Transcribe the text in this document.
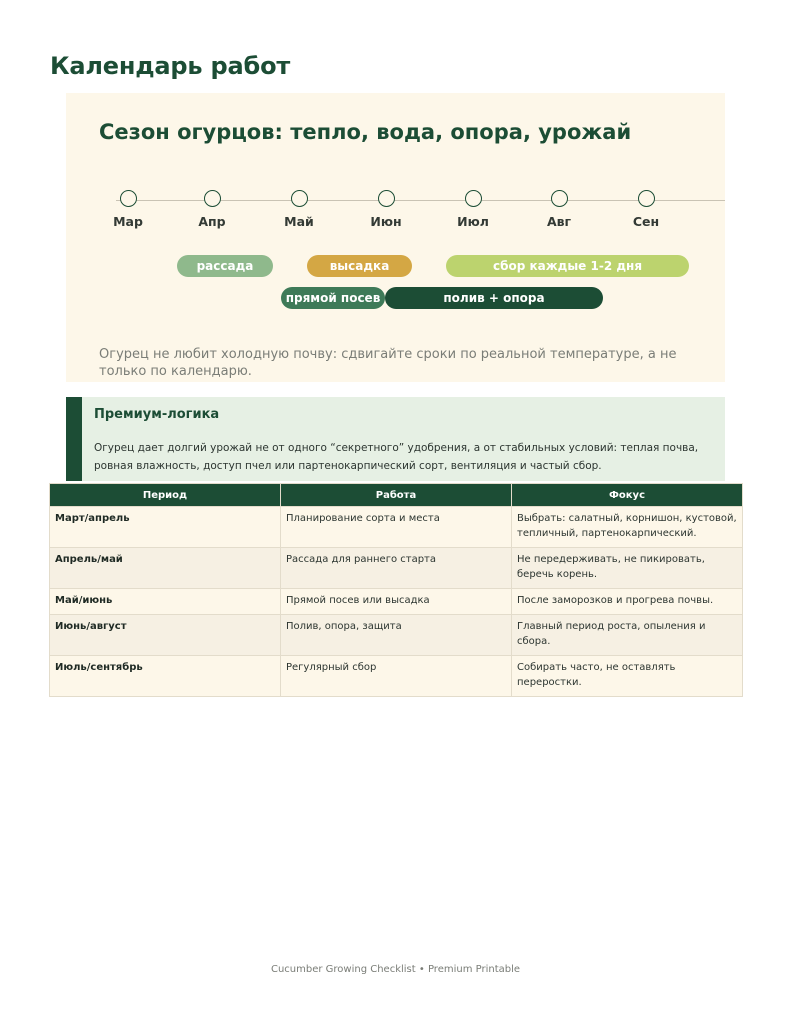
Календарь работ
Сезон огурцов: тепло, вода, опора, урожай
Мар	Апр	Май	Июн	Июл	Авг	Сен
рассада	высадка	сбор каждые 1-2 дня
прямой посев	полив + опора

Огурец не любит холодную почву: сдвигайте сроки по реальной температуре, а не только по календарю.

Премиум-логика

Огурец дает долгий урожай не от одного “секретного” удобрения, а от стабильных условий: теплая почва, ровная влажность, доступ пчел или партенокарпический сорт, вентиляция и частый сбор.

Период	Работа	Фокус
Март/апрель	Планирование сорта и места	Выбрать: салатный, корнишон, кустовой, тепличный, партенокарпический.
Апрель/май	Рассада для раннего старта	Не передерживать, не пикировать, беречь корень.
Май/июнь	Прямой посев или высадка	После заморозков и прогрева почвы.
Июнь/август	Полив, опора, защита	Главный период роста, опыления и сбора.
Июль/сентябрь	Регулярный сбор	Собирать часто, не оставлять переростки.
Cucumber Growing Checklist • Premium Printable
